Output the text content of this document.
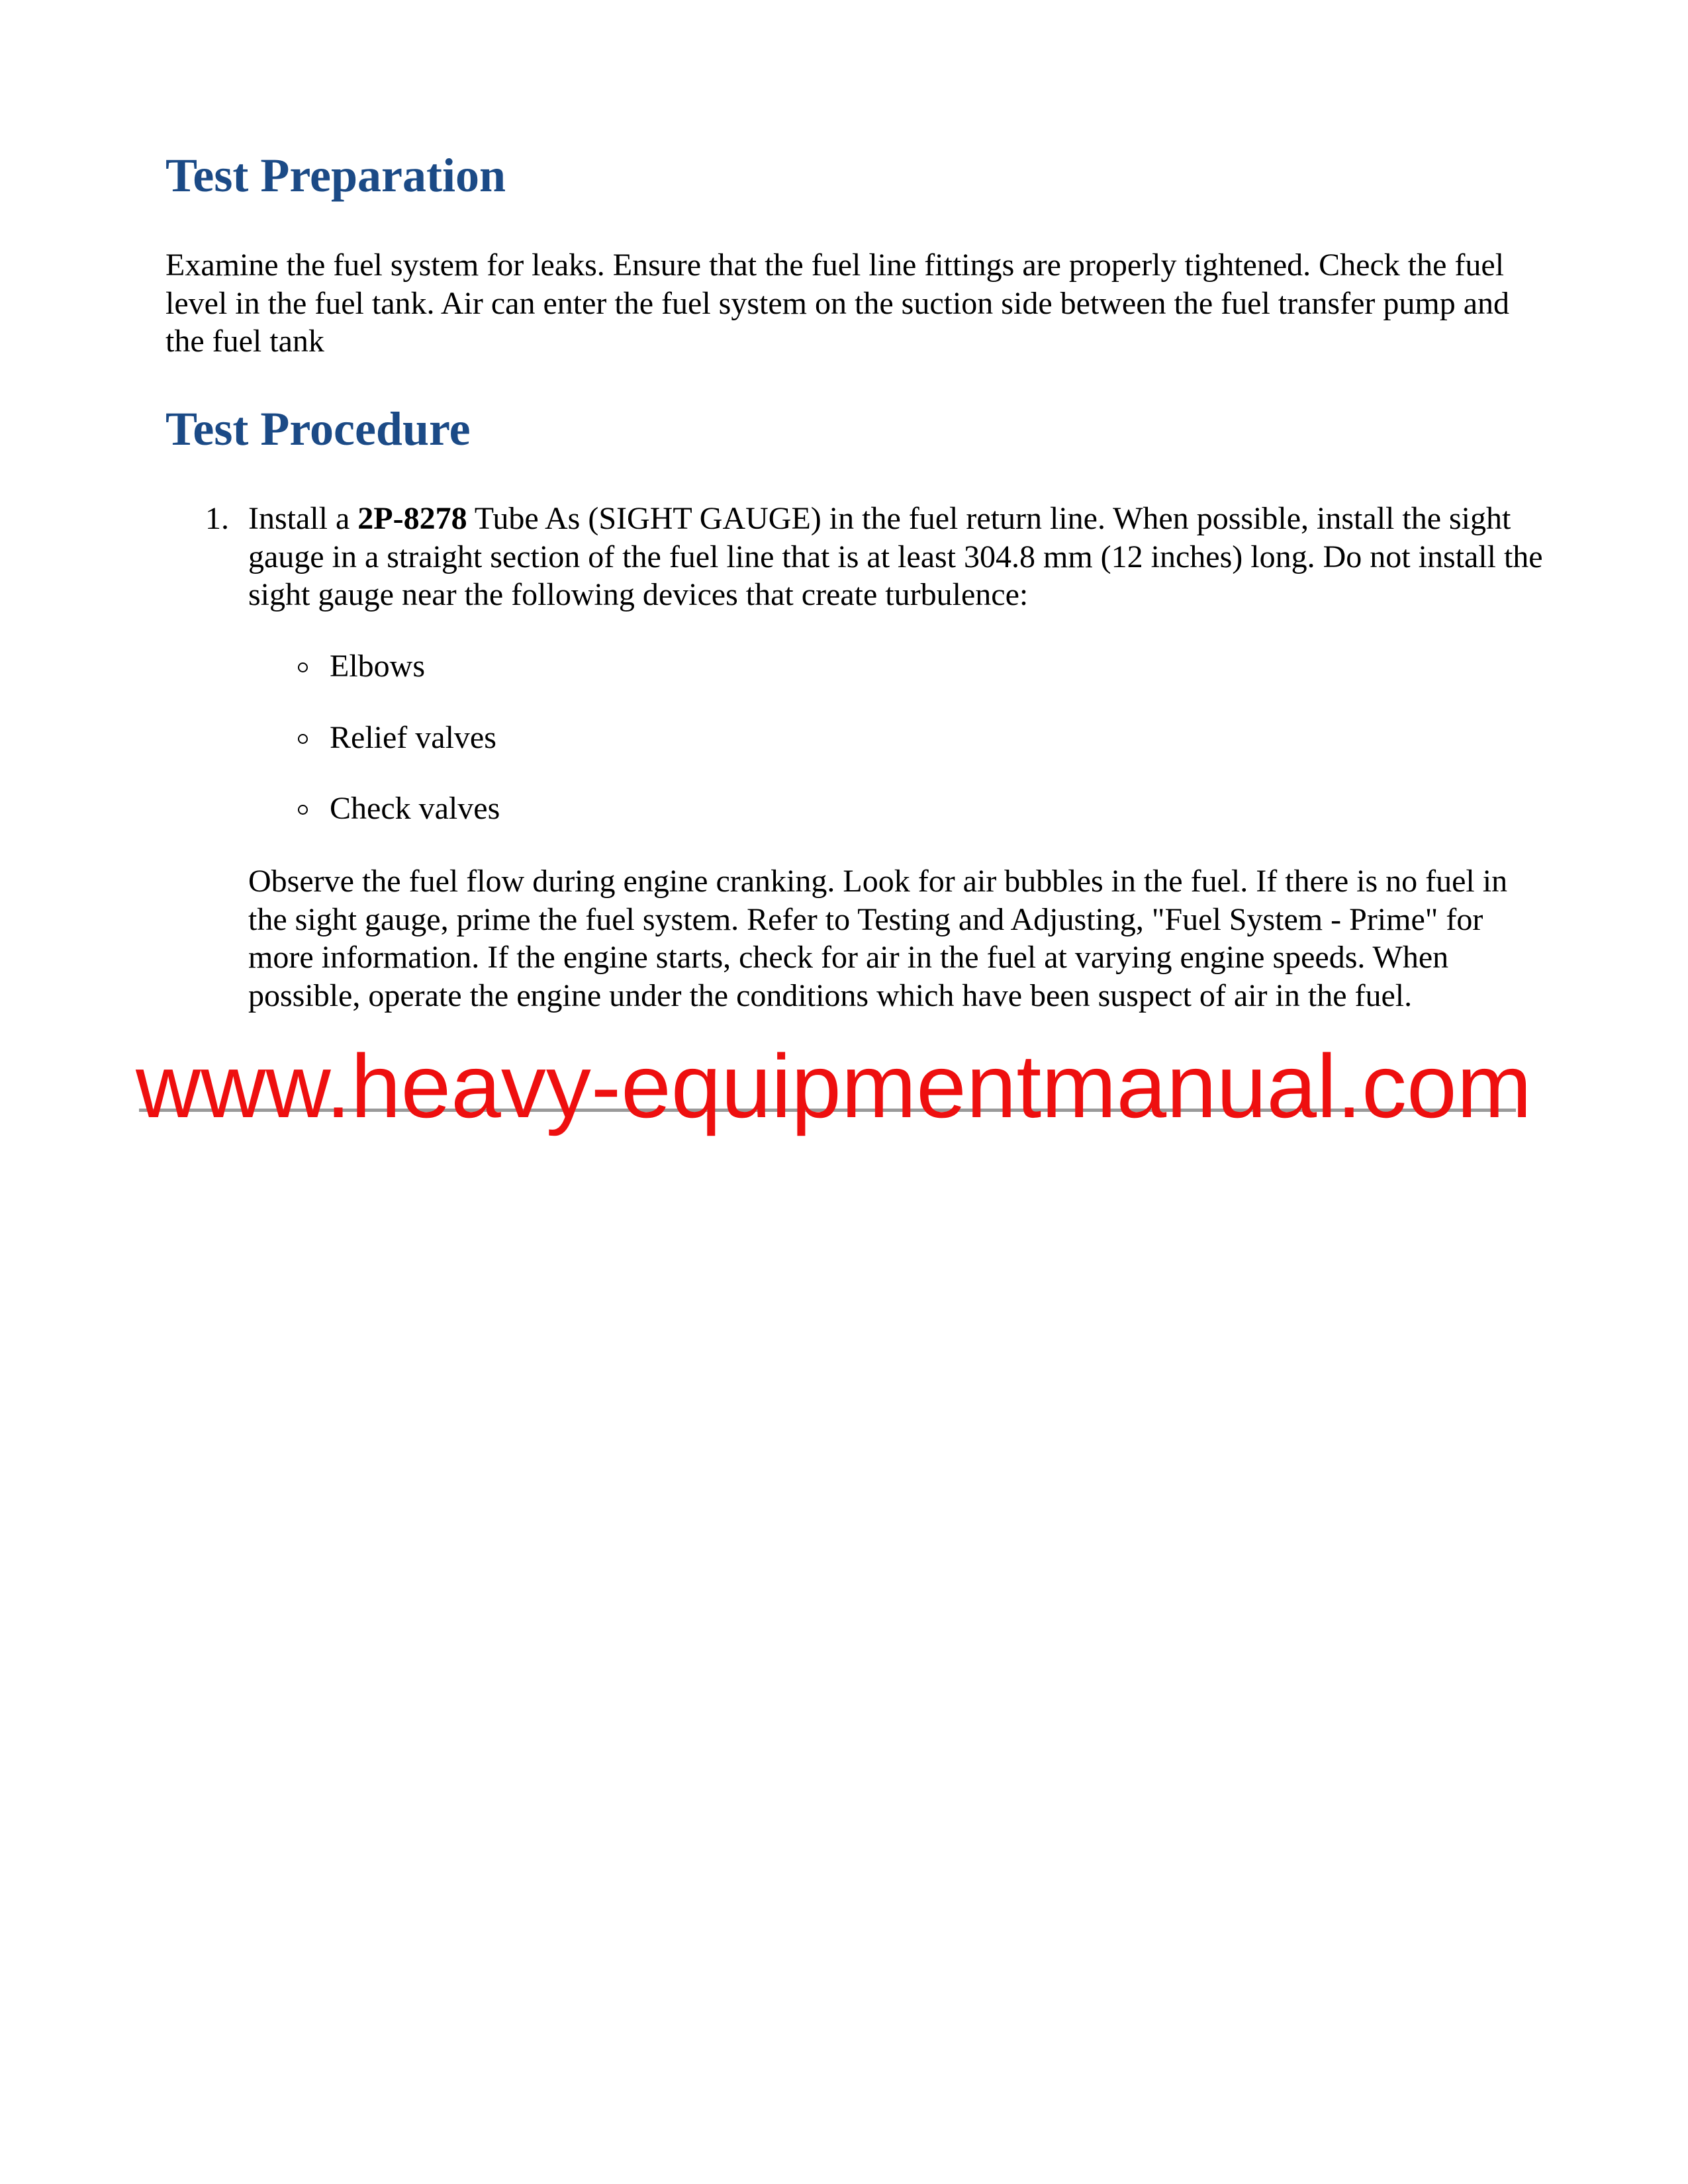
Test Preparation

Examine the fuel system for leaks. Ensure that the fuel line fittings are properly tightened. Check the fuel level in the fuel tank. Air can enter the fuel system on the suction side between the fuel transfer pump and the fuel tank

Test Procedure
1. Install a 2P-8278 Tube As (SIGHT GAUGE) in the fuel return line. When possible, install the sight gauge in a straight section of the fuel line that is at least 304.8 mm (12 inches) long. Do not install the sight gauge near the following devices that create turbulence:

Elbows
Relief valves
Check valves

Observe the fuel flow during engine cranking. Look for air bubbles in the fuel. If there is no fuel in the sight gauge, prime the fuel system. Refer to Testing and Adjusting, "Fuel System - Prime" for more information. If the engine starts, check for air in the fuel at varying engine speeds. When possible, operate the engine under the conditions which have been suspect of air in the fuel.

www.heavy-equipmentmanual.com
